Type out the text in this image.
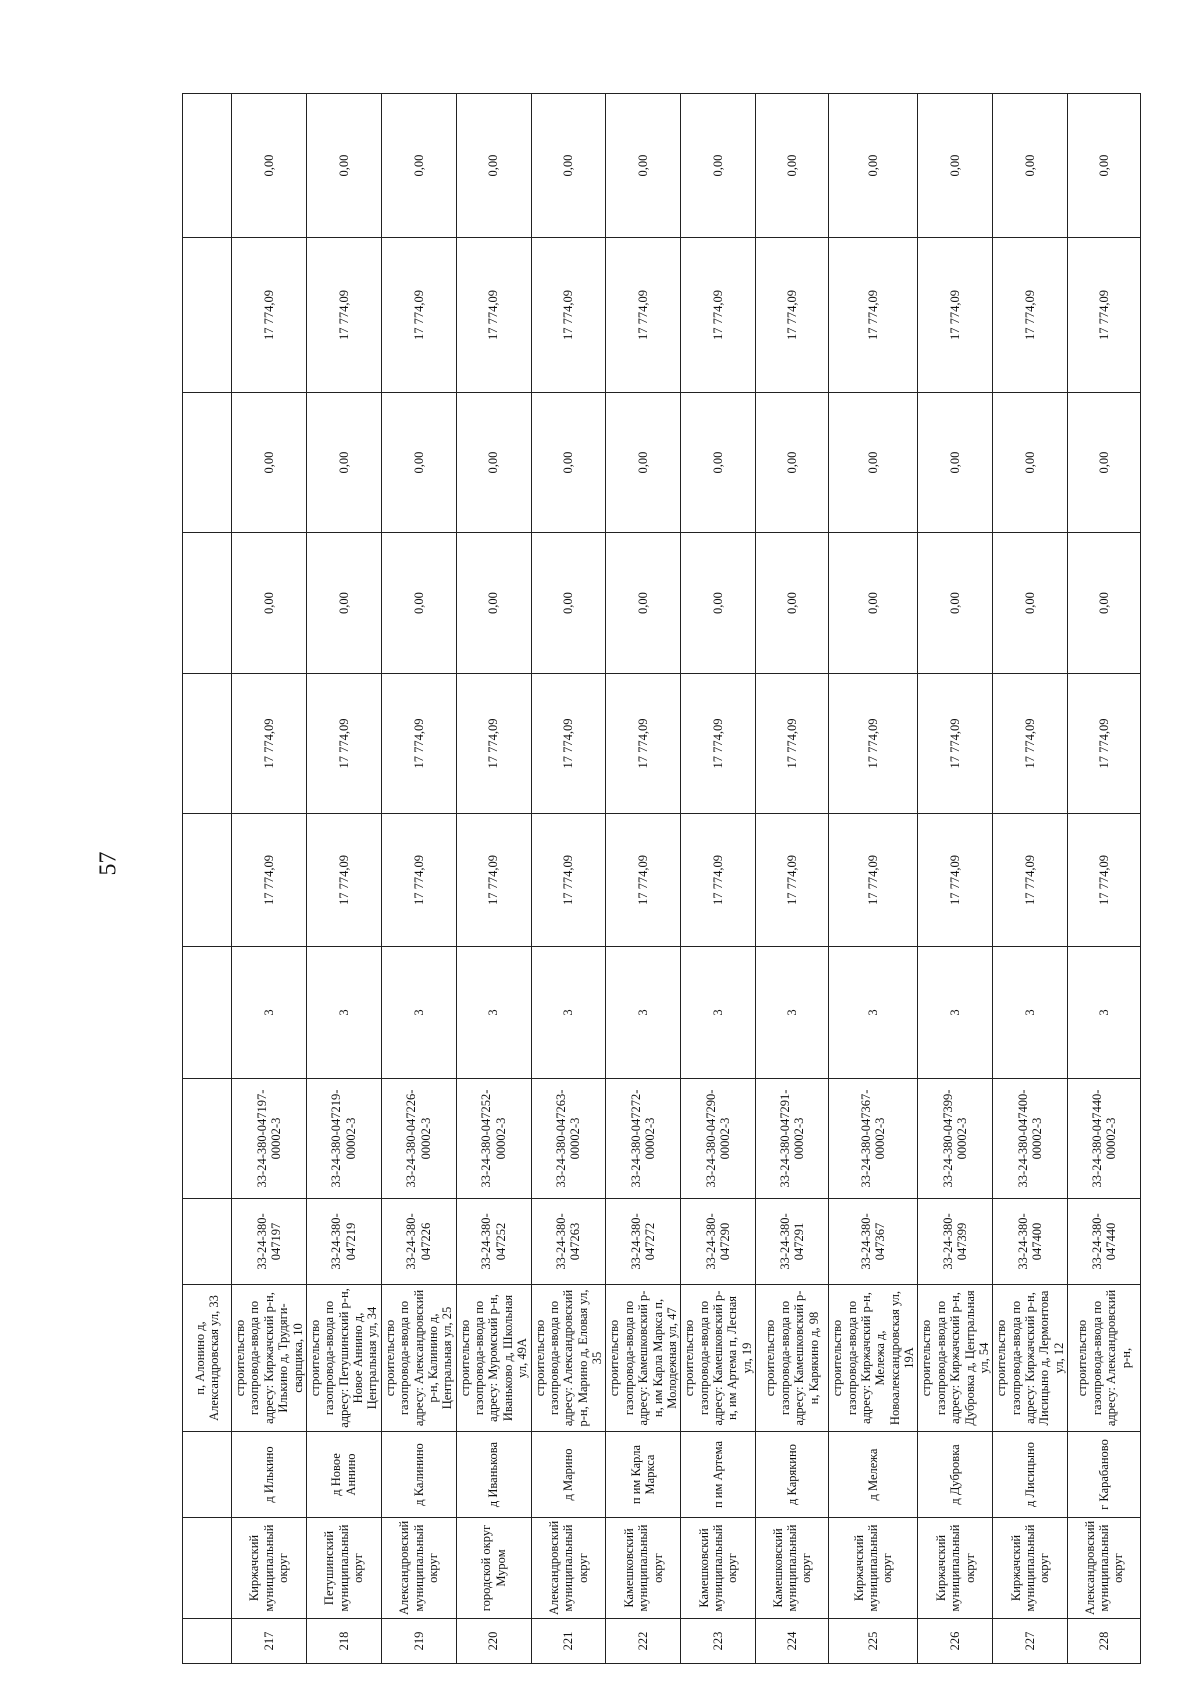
57
			п, Алонино д, Александровская ул, 33									
217	Киржачский муниципальный округ	д Илькино	строительство газопровода-ввода по адресу: Киржачский р-н, Илькино д, Трудяги-сварщика, 10	33-24-380-047197	33-24-380-047197-00002-3	3	17 774,09	17 774,09	0,00	0,00	17 774,09	0,00
218	Петушинский муниципальный округ	д Новое Аннино	строительство газопровода-ввода по адресу: Петушинский р-н, Новое Аннино д, Центральная ул, 34	33-24-380-047219	33-24-380-047219-00002-3	3	17 774,09	17 774,09	0,00	0,00	17 774,09	0,00
219	Александровский муниципальный округ	д Калинино	строительство газопровода-ввода по адресу: Александровский р-н, Калинино д, Центральная ул, 25	33-24-380-047226	33-24-380-047226-00002-3	3	17 774,09	17 774,09	0,00	0,00	17 774,09	0,00
220	городской округ Муром	д Иванькова	строительство газопровода-ввода по адресу: Муромский р-н, Иваньково д, Школьная ул, 49А	33-24-380-047252	33-24-380-047252-00002-3	3	17 774,09	17 774,09	0,00	0,00	17 774,09	0,00
221	Александровский муниципальный округ	д Марино	строительство газопровода-ввода по адресу: Александровский р-н, Марино д, Еловая ул, 35	33-24-380-047263	33-24-380-047263-00002-3	3	17 774,09	17 774,09	0,00	0,00	17 774,09	0,00
222	Камешковский муниципальный округ	п им Карла Маркса	строительство газопровода-ввода по адресу: Камешковский р-н, им Карла Маркса п, Молодежная ул, 47	33-24-380-047272	33-24-380-047272-00002-3	3	17 774,09	17 774,09	0,00	0,00	17 774,09	0,00
223	Камешковский муниципальный округ	п им Артема	строительство газопровода-ввода по адресу: Камешковский р-н, им Артема п, Лесная ул, 19	33-24-380-047290	33-24-380-047290-00002-3	3	17 774,09	17 774,09	0,00	0,00	17 774,09	0,00
224	Камешковский муниципальный округ	д Карякино	строительство газопровода-ввода по адресу: Камешковский р-н, Карякино д, 98	33-24-380-047291	33-24-380-047291-00002-3	3	17 774,09	17 774,09	0,00	0,00	17 774,09	0,00
225	Киржачский муниципальный округ	д Мележа	строительство газопровода-ввода по адресу: Киржачский р-н, Мележа д, Новоалександровская ул, 19А	33-24-380-047367	33-24-380-047367-00002-3	3	17 774,09	17 774,09	0,00	0,00	17 774,09	0,00
226	Киржачский муниципальный округ	д Дубровка	строительство газопровода-ввода по адресу: Киржачский р-н, Дубровка д, Центральная ул, 54	33-24-380-047399	33-24-380-047399-00002-3	3	17 774,09	17 774,09	0,00	0,00	17 774,09	0,00
227	Киржачский муниципальный округ	д Лисицыно	строительство газопровода-ввода по адресу: Киржачский р-н, Лисицыно д, Лермонтова ул, 12	33-24-380-047400	33-24-380-047400-00002-3	3	17 774,09	17 774,09	0,00	0,00	17 774,09	0,00
228	Александровский муниципальный округ	г Карабаново	строительство газопровода-ввода по адресу: Александровский р-н,	33-24-380-047440	33-24-380-047440-00002-3	3	17 774,09	17 774,09	0,00	0,00	17 774,09	0,00
